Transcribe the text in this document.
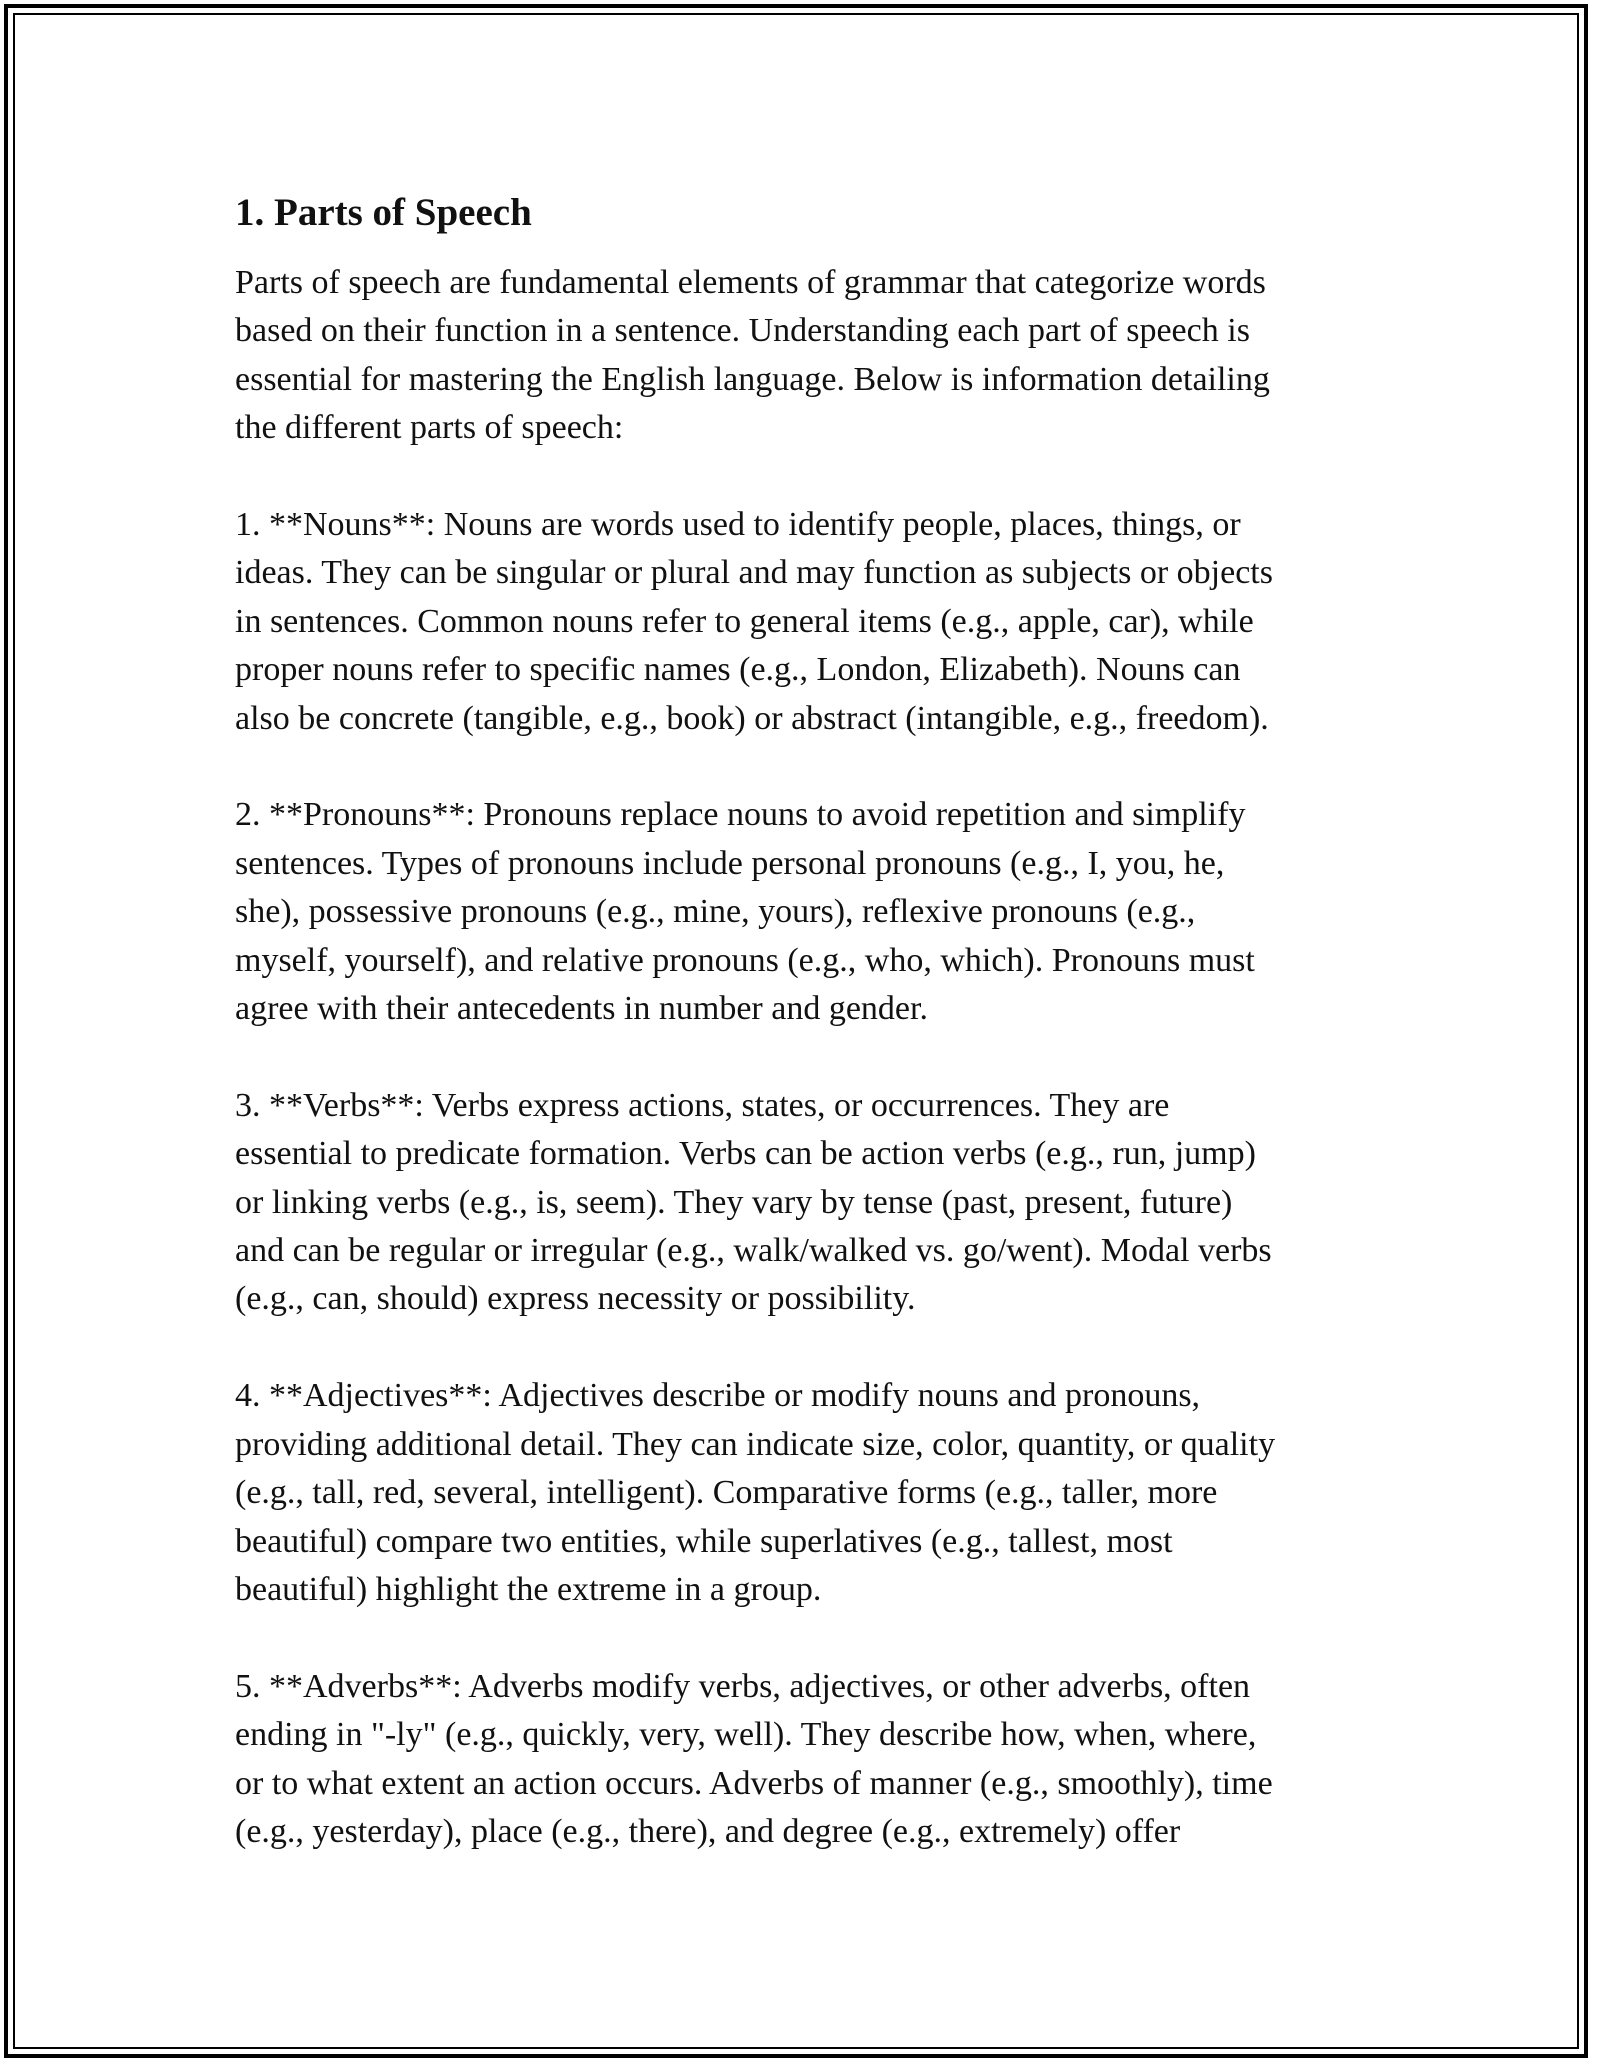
1. Parts of Speech
Parts of speech are fundamental elements of grammar that categorize words
based on their function in a sentence. Understanding each part of speech is
essential for mastering the English language. Below is information detailing
the different parts of speech:
1. **Nouns**: Nouns are words used to identify people, places, things, or
ideas. They can be singular or plural and may function as subjects or objects
in sentences. Common nouns refer to general items (e.g., apple, car), while
proper nouns refer to specific names (e.g., London, Elizabeth). Nouns can
also be concrete (tangible, e.g., book) or abstract (intangible, e.g., freedom).
2. **Pronouns**: Pronouns replace nouns to avoid repetition and simplify
sentences. Types of pronouns include personal pronouns (e.g., I, you, he,
she), possessive pronouns (e.g., mine, yours), reflexive pronouns (e.g.,
myself, yourself), and relative pronouns (e.g., who, which). Pronouns must
agree with their antecedents in number and gender.
3. **Verbs**: Verbs express actions, states, or occurrences. They are
essential to predicate formation. Verbs can be action verbs (e.g., run, jump)
or linking verbs (e.g., is, seem). They vary by tense (past, present, future)
and can be regular or irregular (e.g., walk/walked vs. go/went). Modal verbs
(e.g., can, should) express necessity or possibility.
4. **Adjectives**: Adjectives describe or modify nouns and pronouns,
providing additional detail. They can indicate size, color, quantity, or quality
(e.g., tall, red, several, intelligent). Comparative forms (e.g., taller, more
beautiful) compare two entities, while superlatives (e.g., tallest, most
beautiful) highlight the extreme in a group.
5. **Adverbs**: Adverbs modify verbs, adjectives, or other adverbs, often
ending in "-ly" (e.g., quickly, very, well). They describe how, when, where,
or to what extent an action occurs. Adverbs of manner (e.g., smoothly), time
(e.g., yesterday), place (e.g., there), and degree (e.g., extremely) offer
